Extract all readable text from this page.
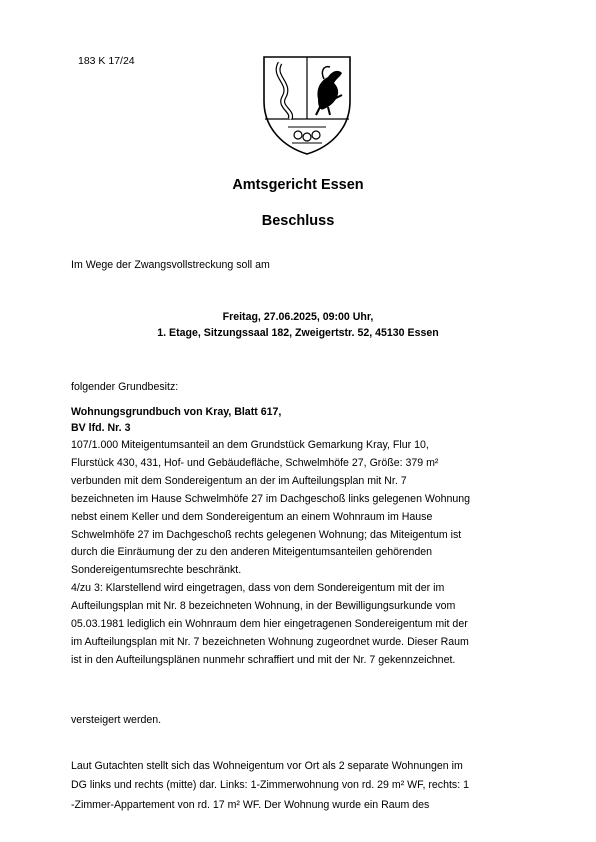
183 K 17/24
Amtsgericht Essen
Beschluss
Im Wege der Zwangsvollstreckung soll am
Freitag, 27.06.2025, 09:00 Uhr,
1. Etage, Sitzungssaal 182, Zweigertstr. 52, 45130 Essen
folgender Grundbesitz:
Wohnungsgrundbuch von Kray, Blatt 617,
BV lfd. Nr. 3
107/1.000 Miteigentumsanteil an dem Grundstück Gemarkung Kray, Flur 10,
Flurstück 430, 431, Hof- und Gebäudefläche, Schwelmhöfe 27, Größe: 379 m²
verbunden mit dem Sondereigentum an der im Aufteilungsplan mit Nr. 7
bezeichneten im Hause Schwelmhöfe 27 im Dachgeschoß links gelegenen Wohnung
nebst einem Keller und dem Sondereigentum an einem Wohnraum im Hause
Schwelmhöfe 27 im Dachgeschoß rechts gelegenen Wohnung; das Miteigentum ist
durch die Einräumung der zu den anderen Miteigentumsanteilen gehörenden
Sondereigentumsrechte beschränkt.
4/zu 3: Klarstellend wird eingetragen, dass von dem Sondereigentum mit der im
Aufteilungsplan mit Nr. 8 bezeichneten Wohnung, in der Bewilligungsurkunde vom
05.03.1981 lediglich ein Wohnraum dem hier eingetragenen Sondereigentum mit der
im Aufteilungsplan mit Nr. 7 bezeichneten Wohnung zugeordnet wurde. Dieser Raum
ist in den Aufteilungsplänen nunmehr schraffiert und mit der Nr. 7 gekennzeichnet.
versteigert werden.
Laut Gutachten stellt sich das Wohneigentum vor Ort als 2 separate Wohnungen im
DG links und rechts (mitte) dar. Links: 1-Zimmerwohnung von rd. 29 m² WF, rechts: 1
-Zimmer-Appartement von rd. 17 m² WF. Der Wohnung wurde ein Raum des
